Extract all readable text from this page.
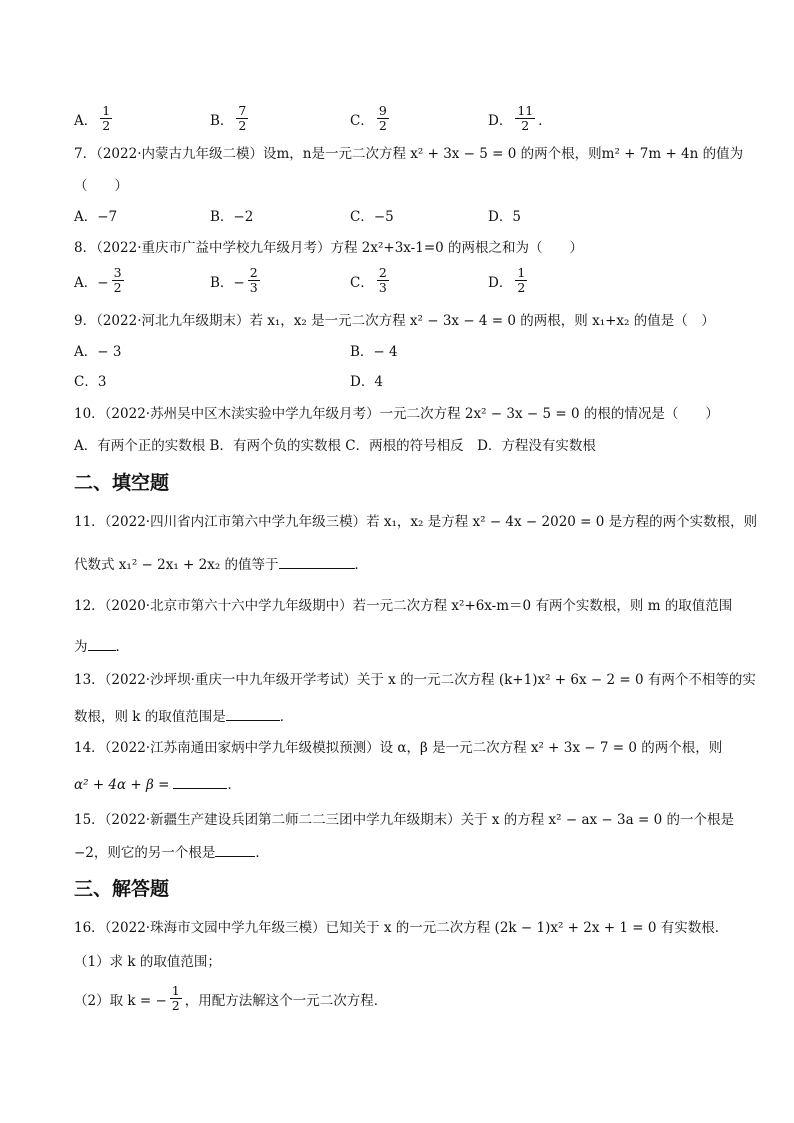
A． $\frac{1}{2}$	B． $\frac{7}{2}$	C． $\frac{9}{2}$	D． $\frac{11}{2}$ ．
7．（2022·内蒙古九年级二模）设m，n是一元二次方程 x² + 3x − 5 = 0 的两个根，则m² + 7m + 4n 的值为
（　　）
A．−7	B．−2	C．−5	D．5
8．（2022·重庆市广益中学校九年级月考）方程 2x²+3x-1=0 的两根之和为（　　）
A．− $\frac{3}{2}$	B．− $\frac{2}{3}$	C． $\frac{2}{3}$	D． $\frac{1}{2}$
9．（2022·河北九年级期末）若 x₁，x₂ 是一元二次方程 x² − 3x − 4 = 0 的两根，则 x₁+x₂ 的值是（　）
A．− 3	B．− 4
C．3	D．4
10．（2022·苏州吴中区木渎实验中学九年级月考）一元二次方程 2x² − 3x − 5 = 0 的根的情况是（　　）
A．有两个正的实数根 B．有两个负的实数根 C．两根的符号相反　D．方程没有实数根
二、填空题
11．（2022·四川省内江市第六中学九年级三模）若 x₁，x₂ 是方程 x² − 4x − 2020 = 0 是方程的两个实数根，则
代数式 x₁² − 2x₁ + 2x₂ 的值等于	．
12．（2020·北京市第六十六中学九年级期中）若一元二次方程 x²+6x-m＝0 有两个实数根，则 m 的取值范围
为 ．
13．（2022·沙坪坝·重庆一中九年级开学考试）关于 x 的一元二次方程 (k+1)x² + 6x − 2 = 0 有两个不相等的实
数根，则 k 的取值范围是	．
14．（2022·江苏南通田家炳中学九年级模拟预测）设 α，β 是一元二次方程 x² + 3x − 7 = 0 的两个根，则
α² + 4α + β =	．
15．（2022·新疆生产建设兵团第二师二二三团中学九年级期末）关于 x 的方程 x² − ax − 3a = 0 的一个根是
−2，则它的另一个根是	．
三、解答题
16．（2022·珠海市文园中学九年级三模）已知关于 x 的一元二次方程 (2k − 1)x² + 2x + 1 = 0 有实数根．
（1）求 k 的取值范围；
（2）取 k = − $\frac{1}{2}$ ，用配方法解这个一元二次方程．
